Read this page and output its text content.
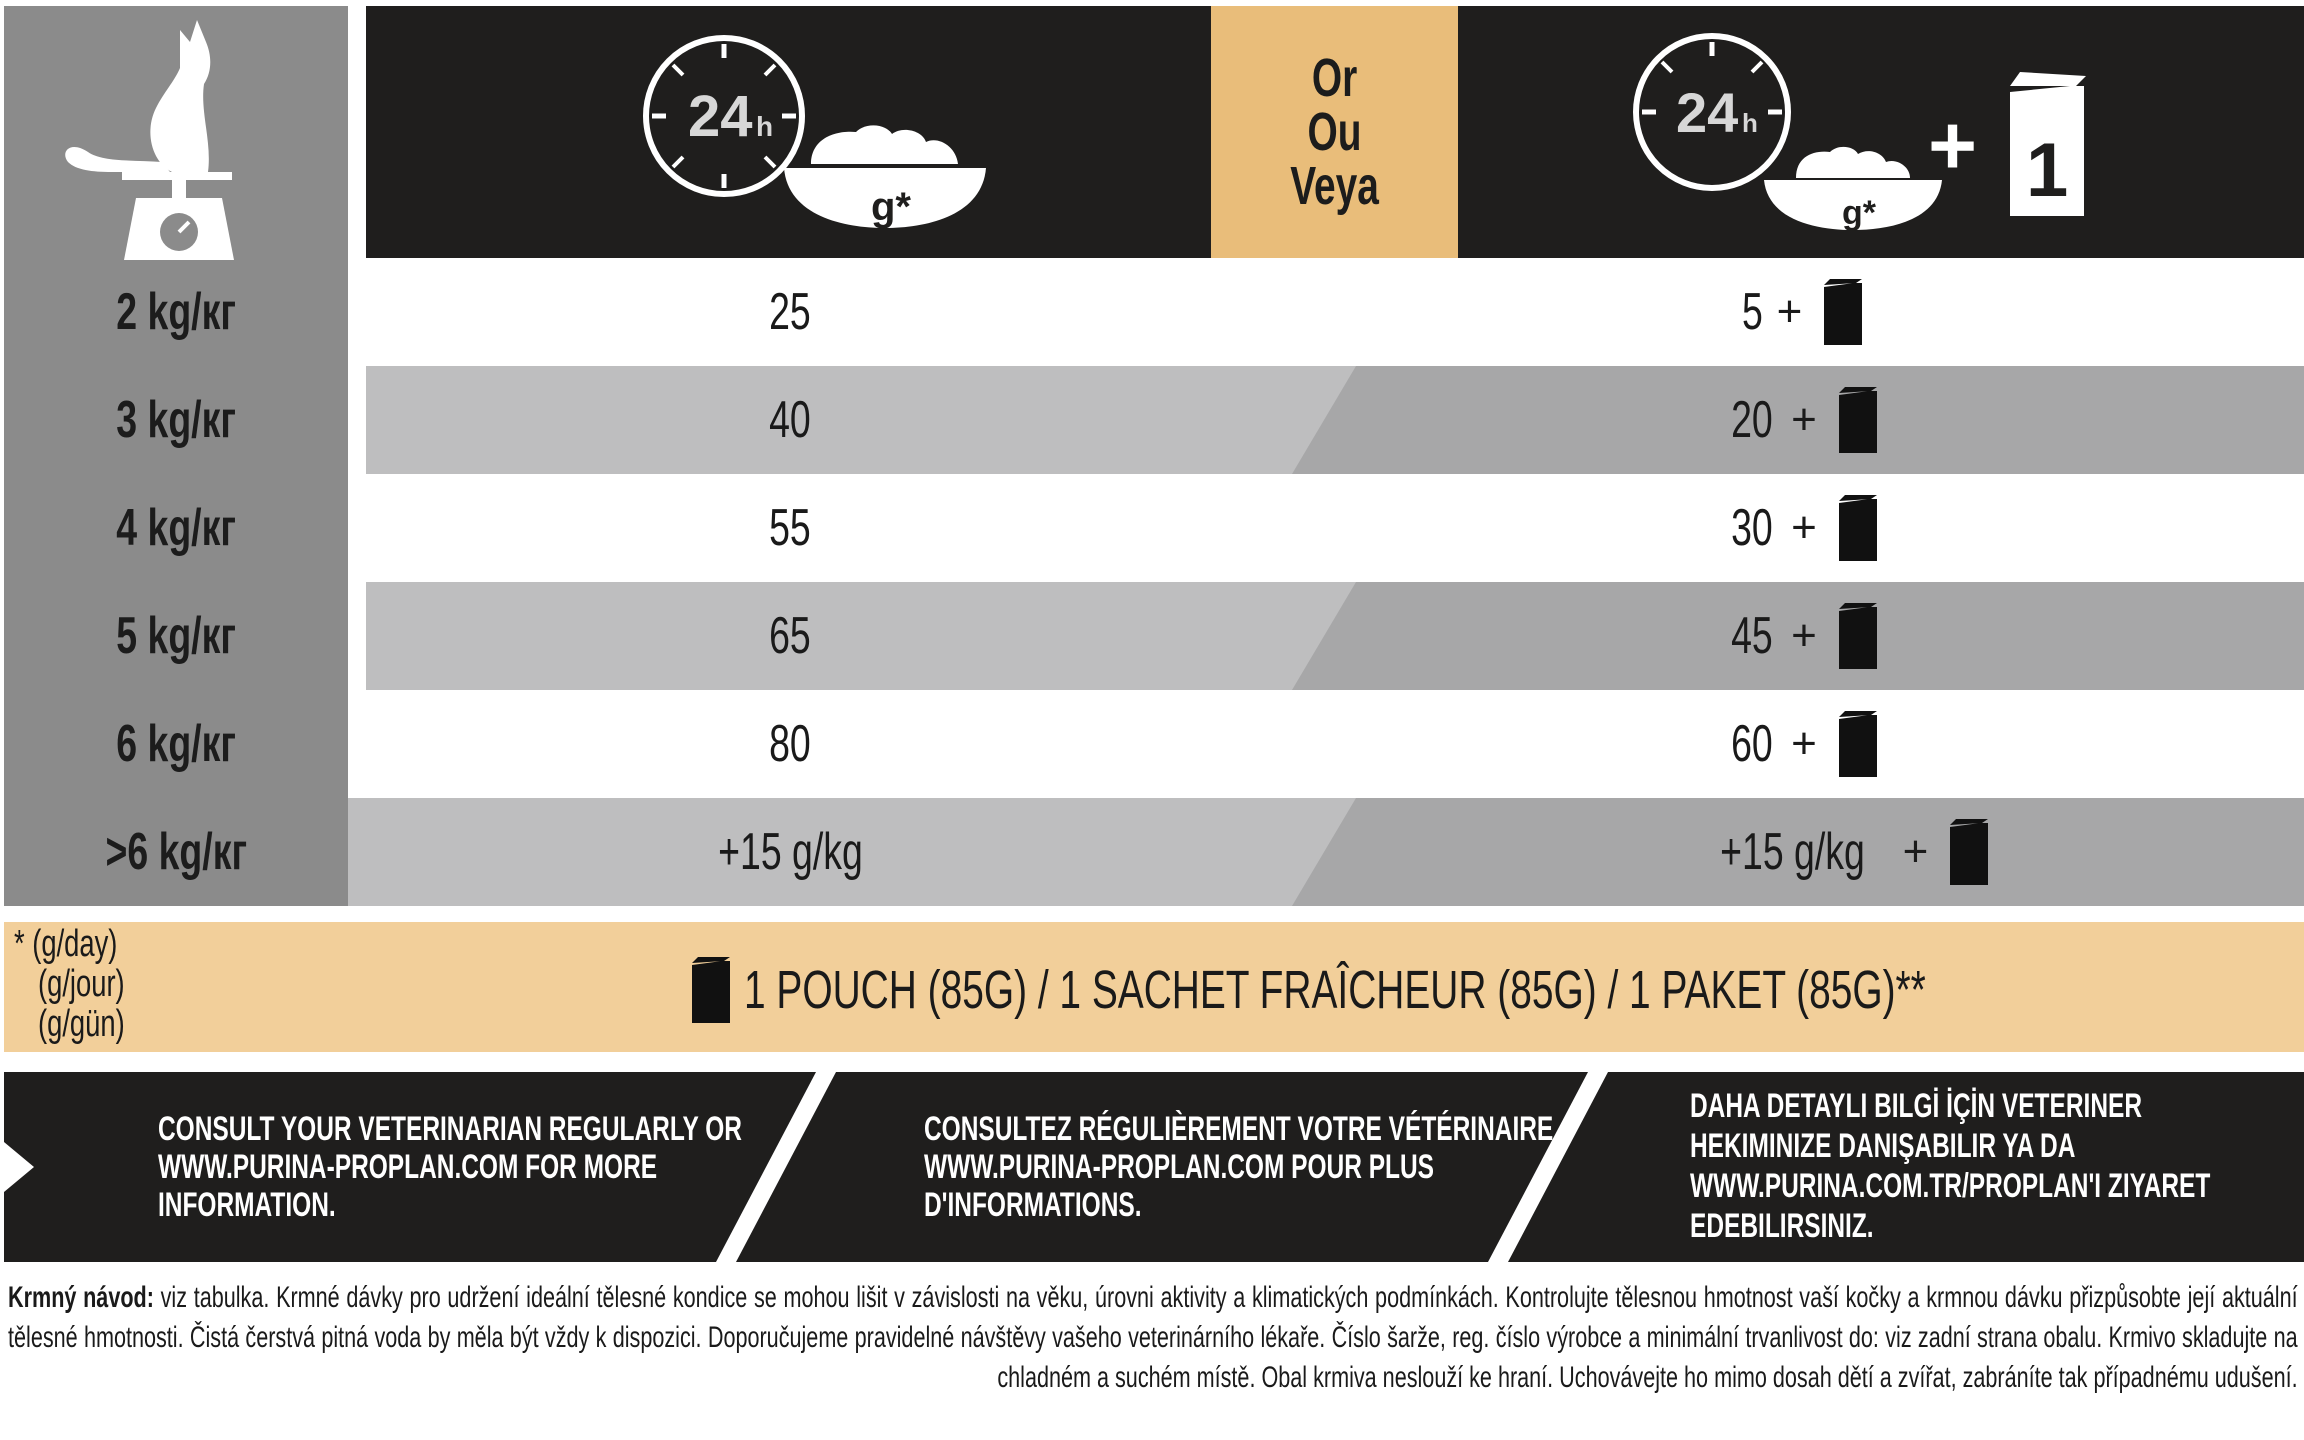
2 kg/кг
3 kg/кг
4 kg/кг
5 kg/кг
6 kg/кг
>6 kg/кг
24 h
g*
Or
Ou
Veya
24 h
g*
+ 1
25
40
55
65
80
+15 g/kg
5 +
20 +
30 +
45 +
60 +
+15 g/kg +
* (g/day)
(g/jour)
(g/gün)
1 POUCH (85G) / 1 SACHET FRAÎCHEUR (85G) / 1 PAKET (85G)**
CONSULT YOUR VETERINARIAN REGULARLY OR
WWW.PURINA-PROPLAN.COM FOR MORE
INFORMATION.
CONSULTEZ RÉGULIÈREMENT VOTRE VÉTÉRINAIRE
WWW.PURINA-PROPLAN.COM POUR PLUS
D'INFORMATIONS.
DAHA DETAYLI BILGİ İÇİN VETERINER
HEKIMINIZE DANIŞABILIR YA DA
WWW.PURINA.COM.TR/PROPLAN'I ZIYARET
EDEBILIRSINIZ.
Krmný návod: viz tabulka. Krmné dávky pro udržení ideální tělesné kondice se mohou lišit v závislosti na věku, úrovni aktivity a klimatických podmínkách. Kontrolujte tělesnou hmotnost vaší kočky a krmnou dávku přizpůsobte její aktuální tělesné hmotnosti. Čistá čerstvá pitná voda by měla být vždy k dispozici. Doporučujeme pravidelné návštěvy vašeho veterinárního lékaře. Číslo šarže, reg. číslo výrobce a minimální trvanlivost do: viz zadní strana obalu. Krmivo skladujte na chladném a suchém místě. Obal krmiva neslouží ke hraní. Uchovávejte ho mimo dosah dětí a zvířat, zabráníte tak případnému udušení.
